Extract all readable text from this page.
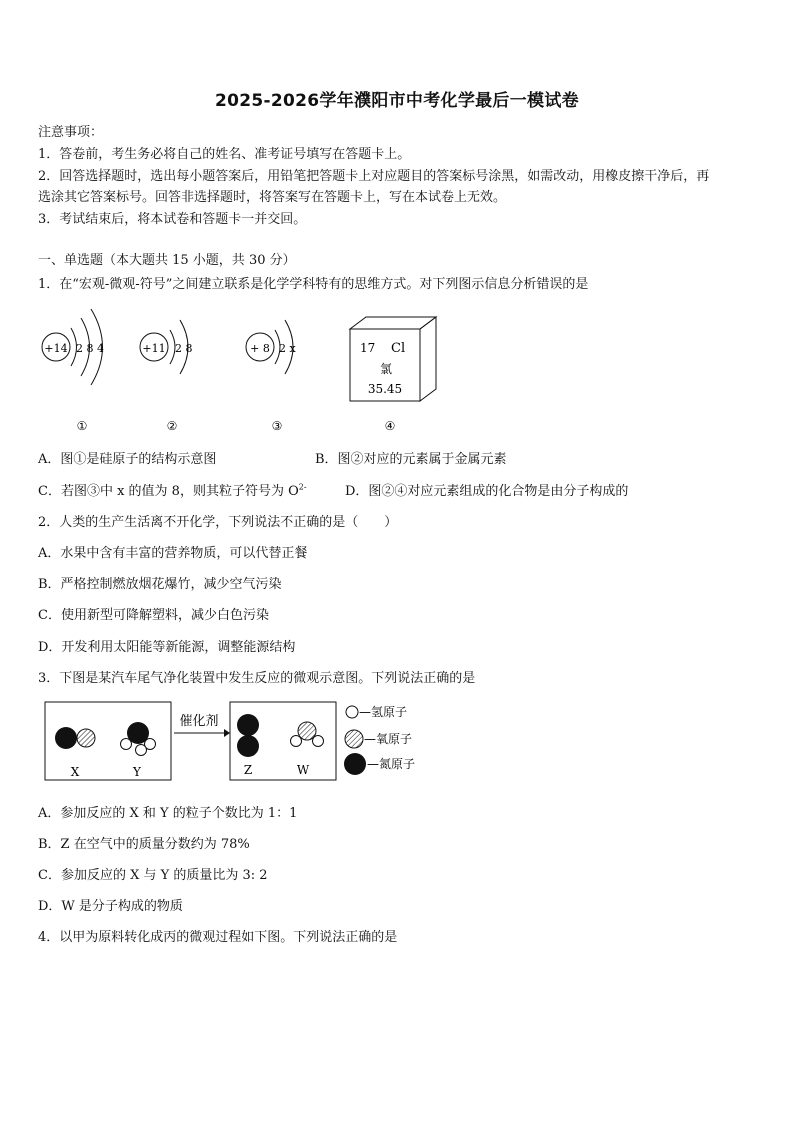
2025-2026学年濮阳市中考化学最后一模试卷
注意事项：
1．答卷前，考生务必将自己的姓名、准考证号填写在答题卡上。
2．回答选择题时，选出每小题答案后，用铅笔把答题卡上对应题目的答案标号涂黑，如需改动，用橡皮擦干净后，再
选涂其它答案标号。回答非选择题时，将答案写在答题卡上，写在本试卷上无效。
3．考试结束后，将本试卷和答题卡一并交回。
一、单选题（本大题共 15 小题，共 30 分）
1．在“宏观-微观-符号”之间建立联系是化学学科特有的思维方式。对下列图示信息分析错误的是
+14 2 8 4
①
+11 2 8
②
+ 8 2 x
③
17 Cl
氯
35.45
④
A．图①是硅原子的结构示意图	B．图②对应的元素属于金属元素
C．若图③中 x 的值为 8，则其粒子符号为 $O^{2-}$	D．图②④对应元素组成的化合物是由分子构成的
2．人类的生产生活离不开化学，下列说法不正确的是（　　）
A．水果中含有丰富的营养物质，可以代替正餐
B．严格控制燃放烟花爆竹，减少空气污染
C．使用新型可降解塑料，减少白色污染
D．开发利用太阳能等新能源，调整能源结构
3．下图是某汽车尾气净化装置中发生反应的微观示意图。下列说法正确的是
X	Y
催化剂
Z	W
—氢原子
—氧原子
—氮原子
A．参加反应的 X 和 Y 的粒子个数比为 1：1
B．Z 在空气中的质量分数约为 78%
C．参加反应的 X 与 Y 的质量比为 3: 2
D．W 是分子构成的物质
4．以甲为原料转化成丙的微观过程如下图。下列说法正确的是
